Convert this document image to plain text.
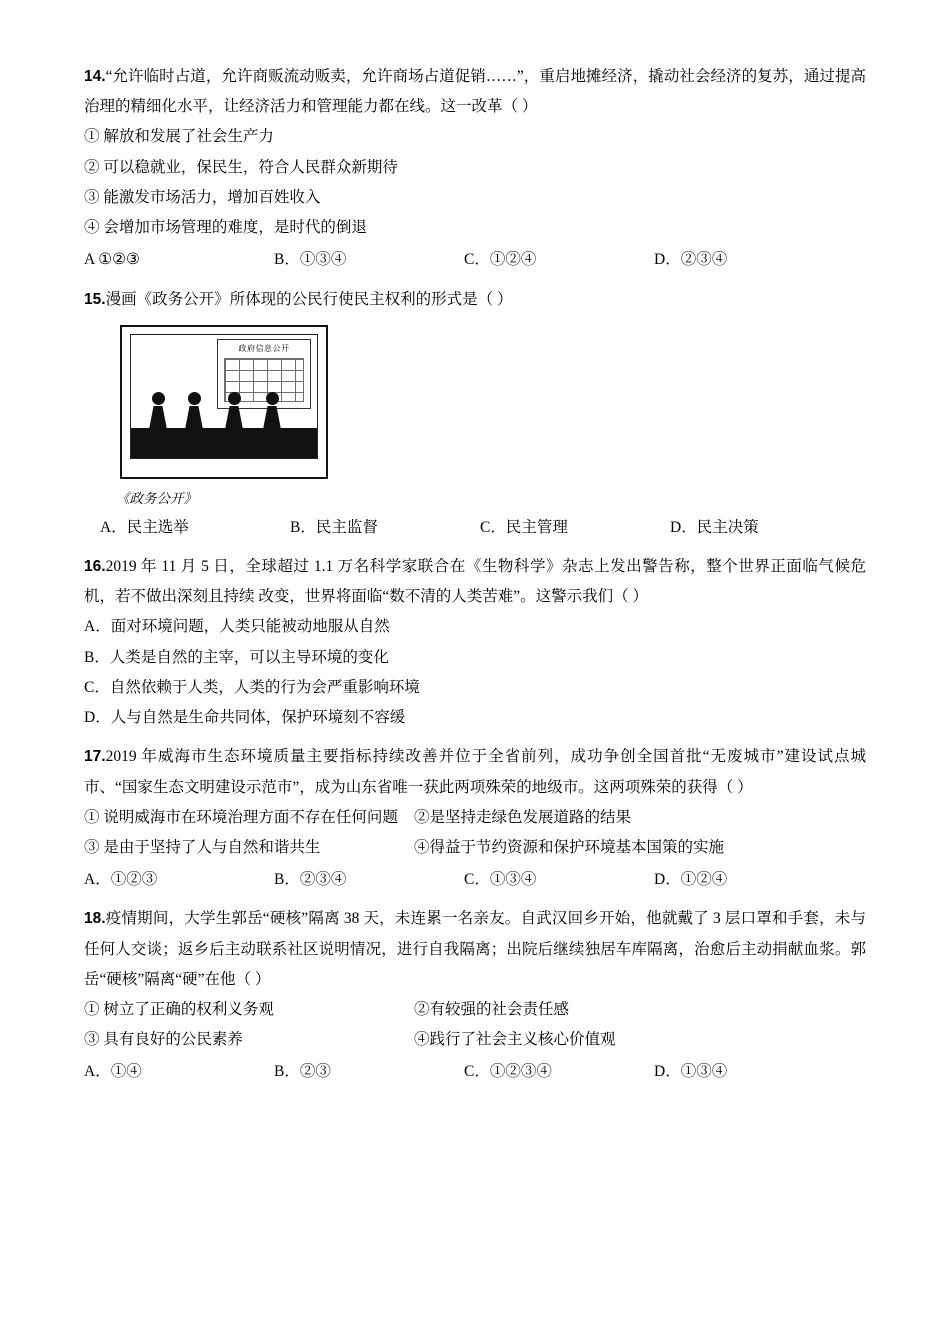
14.“允许临时占道，允许商贩流动贩卖，允许商场占道促销……”，重启地摊经济，撬动社会经济的复苏，通过提高治理的精细化水平，让经济活力和管理能力都在线。这一改革（ ）
① 解放和发展了社会生产力
② 可以稳就业，保民生，符合人民群众新期待
③ 能激发市场活力，增加百姓收入
④ 会增加市场管理的难度，是时代的倒退
A ①②③	B．①③④	C．①②④	D．②③④
15.漫画《政务公开》所体现的公民行使民主权利的形式是（ ）
政府信息公开
《政务公开》
A．民主选举	B．民主监督	C．民主管理	D．民主决策
16.2019 年 11 月 5 日，全球超过 1.1 万名科学家联合在《生物科学》杂志上发出警告称，整个世界正面临气候危机，若不做出深刻且持续 改变，世界将面临“数不清的人类苦难”。这警示我们（ ）
A．面对环境问题，人类只能被动地服从自然
B．人类是自然的主宰，可以主导环境的变化
C．自然依赖于人类，人类的行为会严重影响环境
D．人与自然是生命共同体，保护环境刻不容缓
17.2019 年威海市生态环境质量主要指标持续改善并位于全省前列，成功争创全国首批“无废城市”建设试点城市、“国家生态文明建设示范市”，成为山东省唯一获此两项殊荣的地级市。这两项殊荣的获得（ ）
① 说明威海市在环境治理方面不存在任何问题	②是坚持走绿色发展道路的结果
③ 是由于坚持了人与自然和谐共生	④得益于节约资源和保护环境基本国策的实施
A．①②③	B．②③④	C．①③④	D．①②④
18.疫情期间，大学生郭岳“硬核”隔离 38 天，未连累一名亲友。自武汉回乡开始，他就戴了 3 层口罩和手套，未与任何人交谈；返乡后主动联系社区说明情况，进行自我隔离；出院后继续独居车库隔离，治愈后主动捐献血浆。郭岳“硬核”隔离“硬”在他（ ）
① 树立了正确的权利义务观	②有较强的社会责任感
③ 具有良好的公民素养	④践行了社会主义核心价值观
A．①④	B．②③	C．①②③④	D．①③④
